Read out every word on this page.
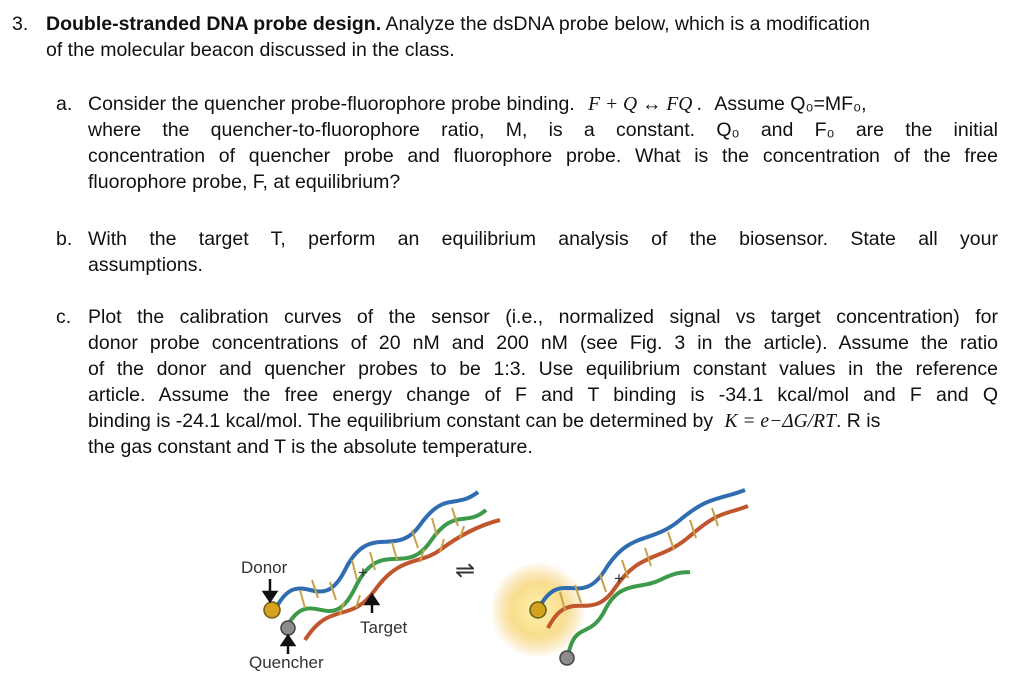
3. Double-stranded DNA probe design. Analyze the dsDNA probe below, which is a modification
of the molecular beacon discussed in the class.
a. Consider the quencher probe-fluorophore probe binding. F + Q ↔ FQ . Assume Q₀=MF₀,
where the quencher-to-fluorophore ratio, M, is a constant. Q₀ and F₀ are the initial
concentration of quencher probe and fluorophore probe. What is the concentration of the free
fluorophore probe, F, at equilibrium?
b. With the target T, perform an equilibrium analysis of the biosensor. State all your
assumptions.
c. Plot the calibration curves of the sensor (i.e., normalized signal vs target concentration) for
donor probe concentrations of 20 nM and 200 nM (see Fig. 3 in the article). Assume the ratio
of the donor and quencher probes to be 1:3. Use equilibrium constant values in the reference
article. Assume the free energy change of F and T binding is -34.1 kcal/mol and F and Q
binding is -24.1 kcal/mol. The equilibrium constant can be determined by K = e−ΔG/RT. R is
the gas constant and T is the absolute temperature.
Donor
Quencher
+
Target
⇌	+
